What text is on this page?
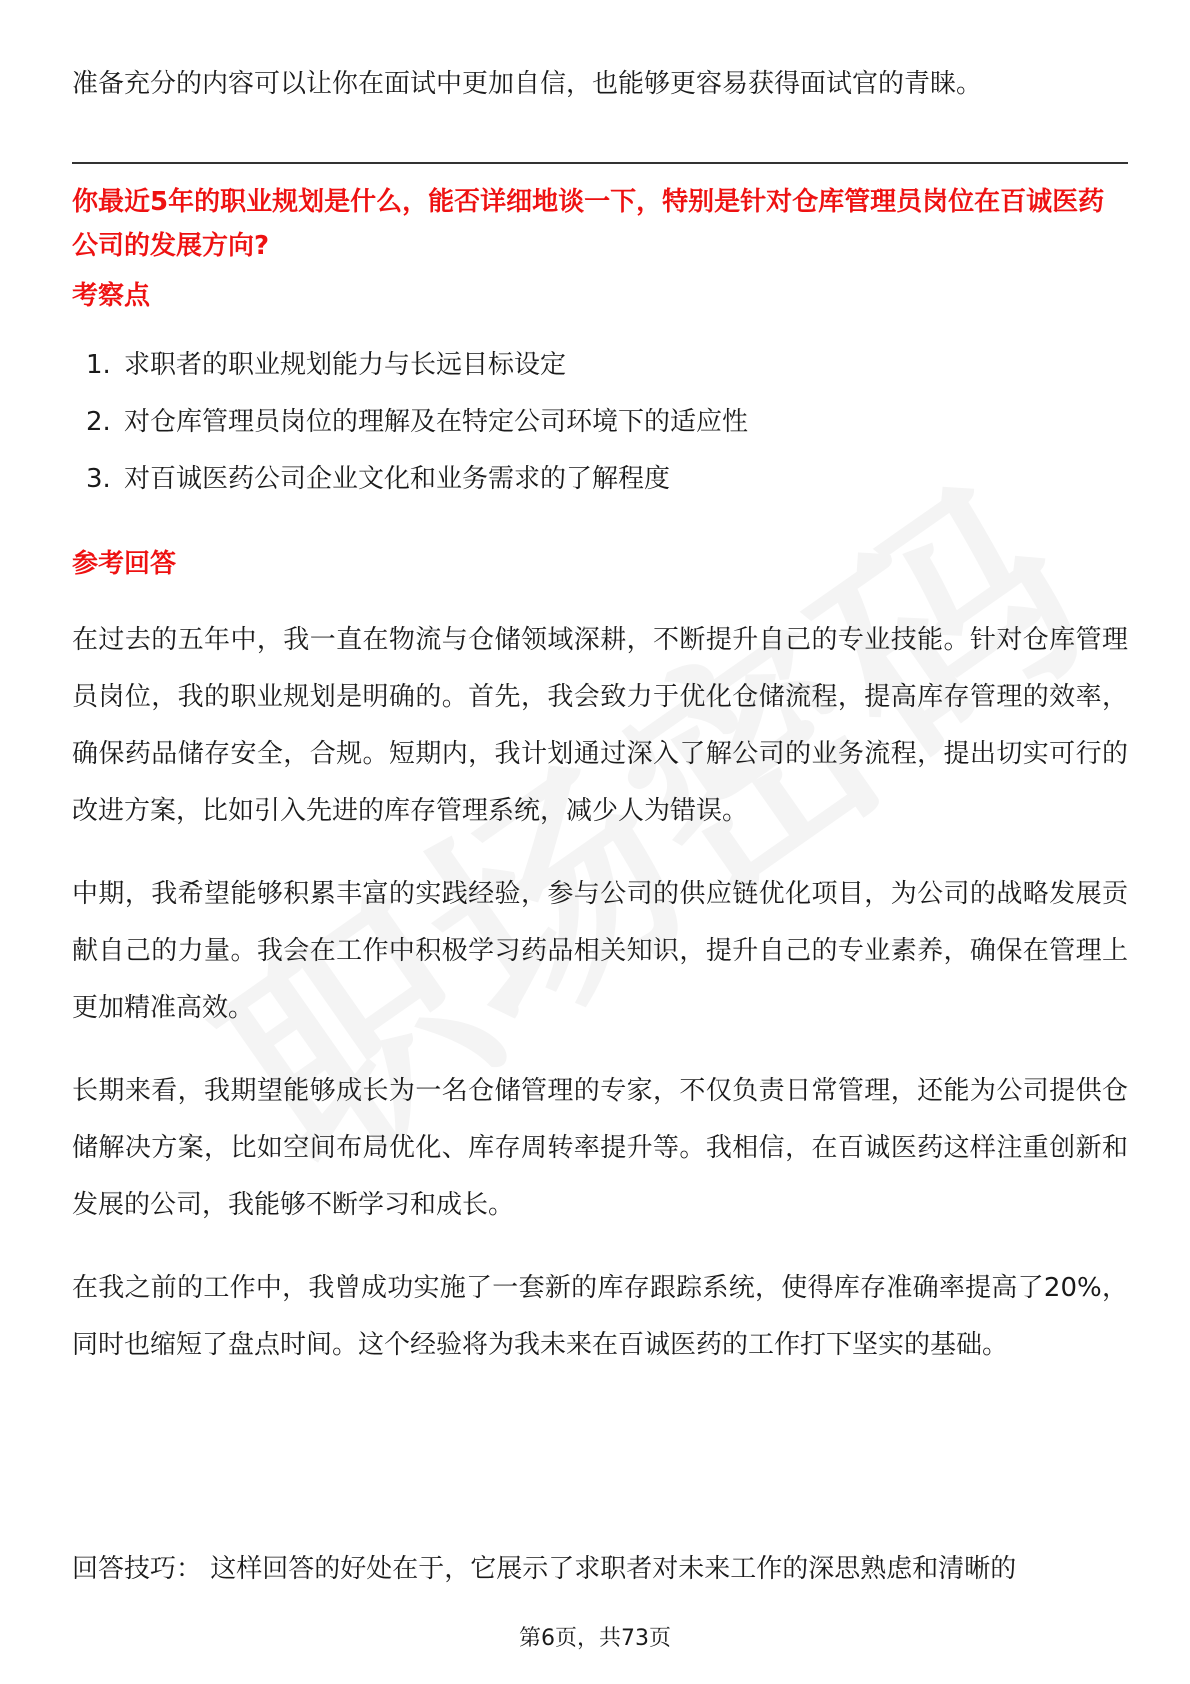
准备充分的内容可以让你在面试中更加自信，也能够更容易获得面试官的青睐。

你最近5年的职业规划是什么，能否详细地谈一下，特别是针对仓库管理员岗位在百诚医药公司的发展方向?
考察点
1. 求职者的职业规划能力与长远目标设定
2. 对仓库管理员岗位的理解及在特定公司环境下的适应性
3. 对百诚医药公司企业文化和业务需求的了解程度
参考回答

在过去的五年中，我一直在物流与仓储领域深耕，不断提升自己的专业技能。针对仓库管理员岗位，我的职业规划是明确的。首先，我会致力于优化仓储流程，提高库存管理的效率，确保药品储存安全，合规。短期内，我计划通过深入了解公司的业务流程，提出切实可行的改进方案，比如引入先进的库存管理系统，减少人为错误。

中期，我希望能够积累丰富的实践经验，参与公司的供应链优化项目，为公司的战略发展贡献自己的力量。我会在工作中积极学习药品相关知识，提升自己的专业素养，确保在管理上更加精准高效。

长期来看，我期望能够成长为一名仓储管理的专家，不仅负责日常管理，还能为公司提供仓储解决方案，比如空间布局优化、库存周转率提升等。我相信，在百诚医药这样注重创新和发展的公司，我能够不断学习和成长。

在我之前的工作中，我曾成功实施了一套新的库存跟踪系统，使得库存准确率提高了20%，同时也缩短了盘点时间。这个经验将为我未来在百诚医药的工作打下坚实的基础。

回答技巧： 这样回答的好处在于，它展示了求职者对未来工作的深思熟虑和清晰的

第6页，共73页
